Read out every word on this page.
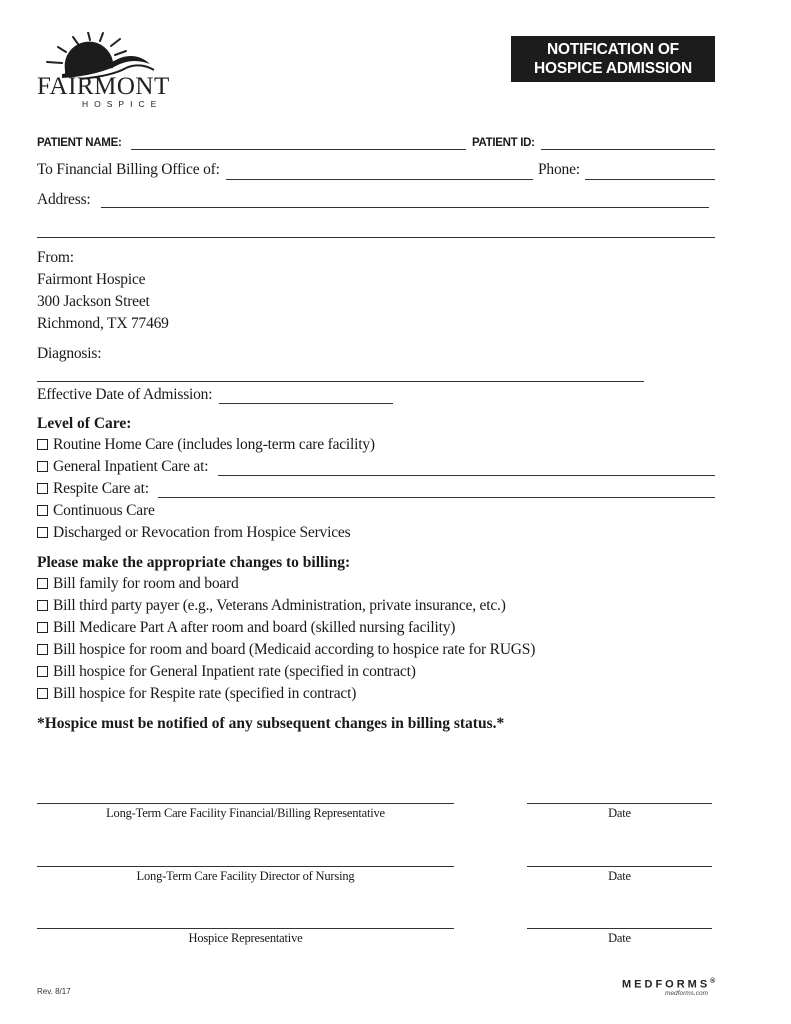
FAIRMONT
HOSPICE
NOTIFICATION OF
HOSPICE ADMISSION
PATIENT NAME:	PATIENT ID:
To Financial Billing Office of:	Phone:
Address:
From:
Fairmont Hospice
300 Jackson Street
Richmond, TX 77469
Diagnosis:
Effective Date of Admission:
Level of Care:
Routine Home Care (includes long-term care facility)
General Inpatient Care at:
Respite Care at:
Continuous Care
Discharged or Revocation from Hospice Services
Please make the appropriate changes to billing:
Bill family for room and board
Bill third party payer (e.g., Veterans Administration, private insurance, etc.)
Bill Medicare Part A after room and board (skilled nursing facility)
Bill hospice for room and board (Medicaid according to hospice rate for RUGS)
Bill hospice for General Inpatient rate (specified in contract)
Bill hospice for Respite rate (specified in contract)
*Hospice must be notified of any subsequent changes in billing status.*
Long-Term Care Facility Financial/Billing Representative	Date
Long-Term Care Facility Director of Nursing	Date
Hospice Representative	Date
Rev. 8/17
MEDFORMS®
medforms.com
